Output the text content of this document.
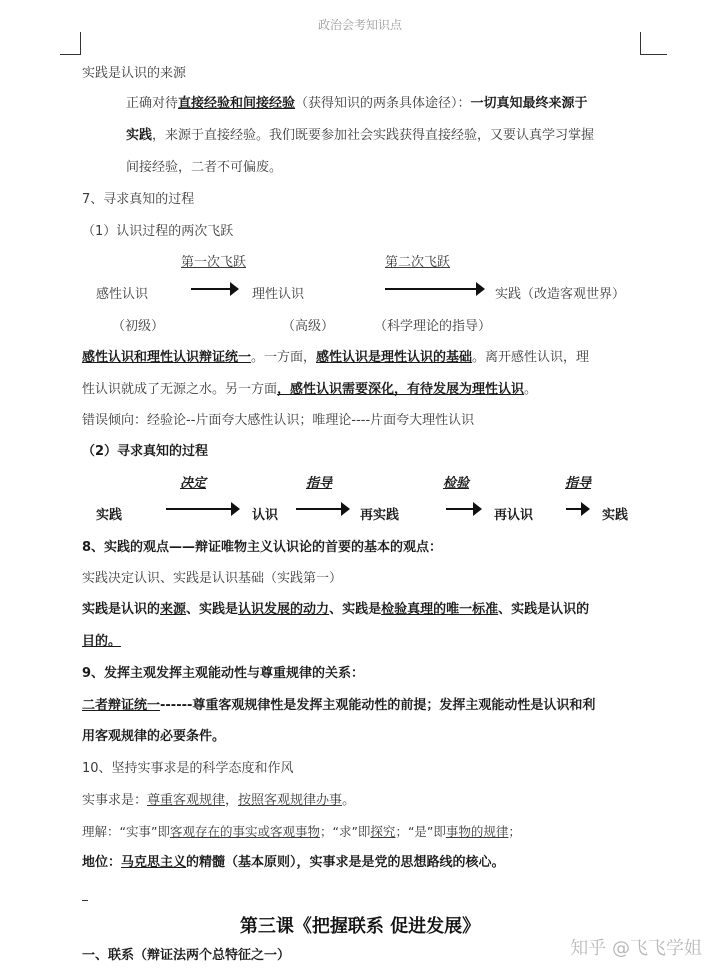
政治会考知识点
实践是认识的来源
正确对待直接经验和间接经验（获得知识的两条具体途径）：一切真知最终来源于
实践，来源于直接经验。我们既要参加社会实践获得直接经验，又要认真学习掌握
间接经验，二者不可偏废。
7、寻求真知的过程
（1）认识过程的两次飞跃
第一次飞跃	第二次飞跃
感性认识	理性认识	实践（改造客观世界）
（初级）	（高级）	（科学理论的指导）
感性认识和理性认识辩证统一。一方面，感性认识是理性认识的基础。离开感性认识，理
性认识就成了无源之水。另一方面，感性认识需要深化，有待发展为理性认识。
错误倾向：经验论--片面夸大感性认识；唯理论----片面夸大理性认识
（2）寻求真知的过程
决定	指导	检验	指导
实践	认识	再实践	再认识	实践
8、实践的观点——辩证唯物主义认识论的首要的基本的观点：
实践决定认识、实践是认识基础（实践第一）
实践是认识的来源、实践是认识发展的动力、实践是检验真理的唯一标准、实践是认识的
目的。
9、发挥主观发挥主观能动性与尊重规律的关系：
二者辩证统一------尊重客观规律性是发挥主观能动性的前提；发挥主观能动性是认识和利
用客观规律的必要条件。
10、坚持实事求是的科学态度和作风
实事求是：尊重客观规律，按照客观规律办事。
理解：“实事”即客观存在的事实或客观事物；“求”即探究；“是”即事物的规律；
地位：马克思主义的精髓（基本原则），实事求是是党的思想路线的核心。
第三课《把握联系 促进发展》
一、联系（辩证法两个总特征之一）	知乎 @飞飞学姐
